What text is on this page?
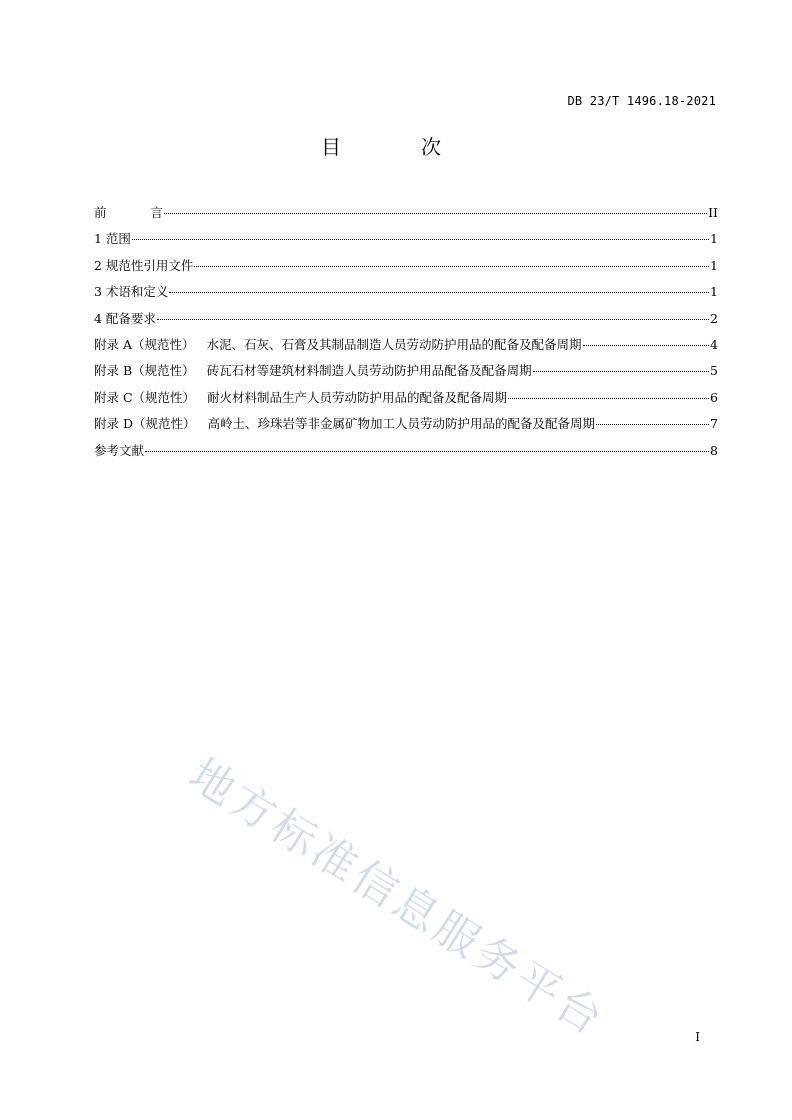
DB 23/T 1496.18-2021
目　次
前	言	II
1 范围	1
2 规范性引用文件	1
3 术语和定义	1
4 配备要求	2
附录 A（规范性） 水泥、石灰、石膏及其制品制造人员劳动防护用品的配备及配备周期	4
附录 B（规范性） 砖瓦石材等建筑材料制造人员劳动防护用品配备及配备周期	5
附录 C（规范性） 耐火材料制品生产人员劳动防护用品的配备及配备周期	6
附录 D（规范性） 高岭土、珍珠岩等非金属矿物加工人员劳动防护用品的配备及配备周期	7
参考文献	8
地方标准信息服务平台	I
